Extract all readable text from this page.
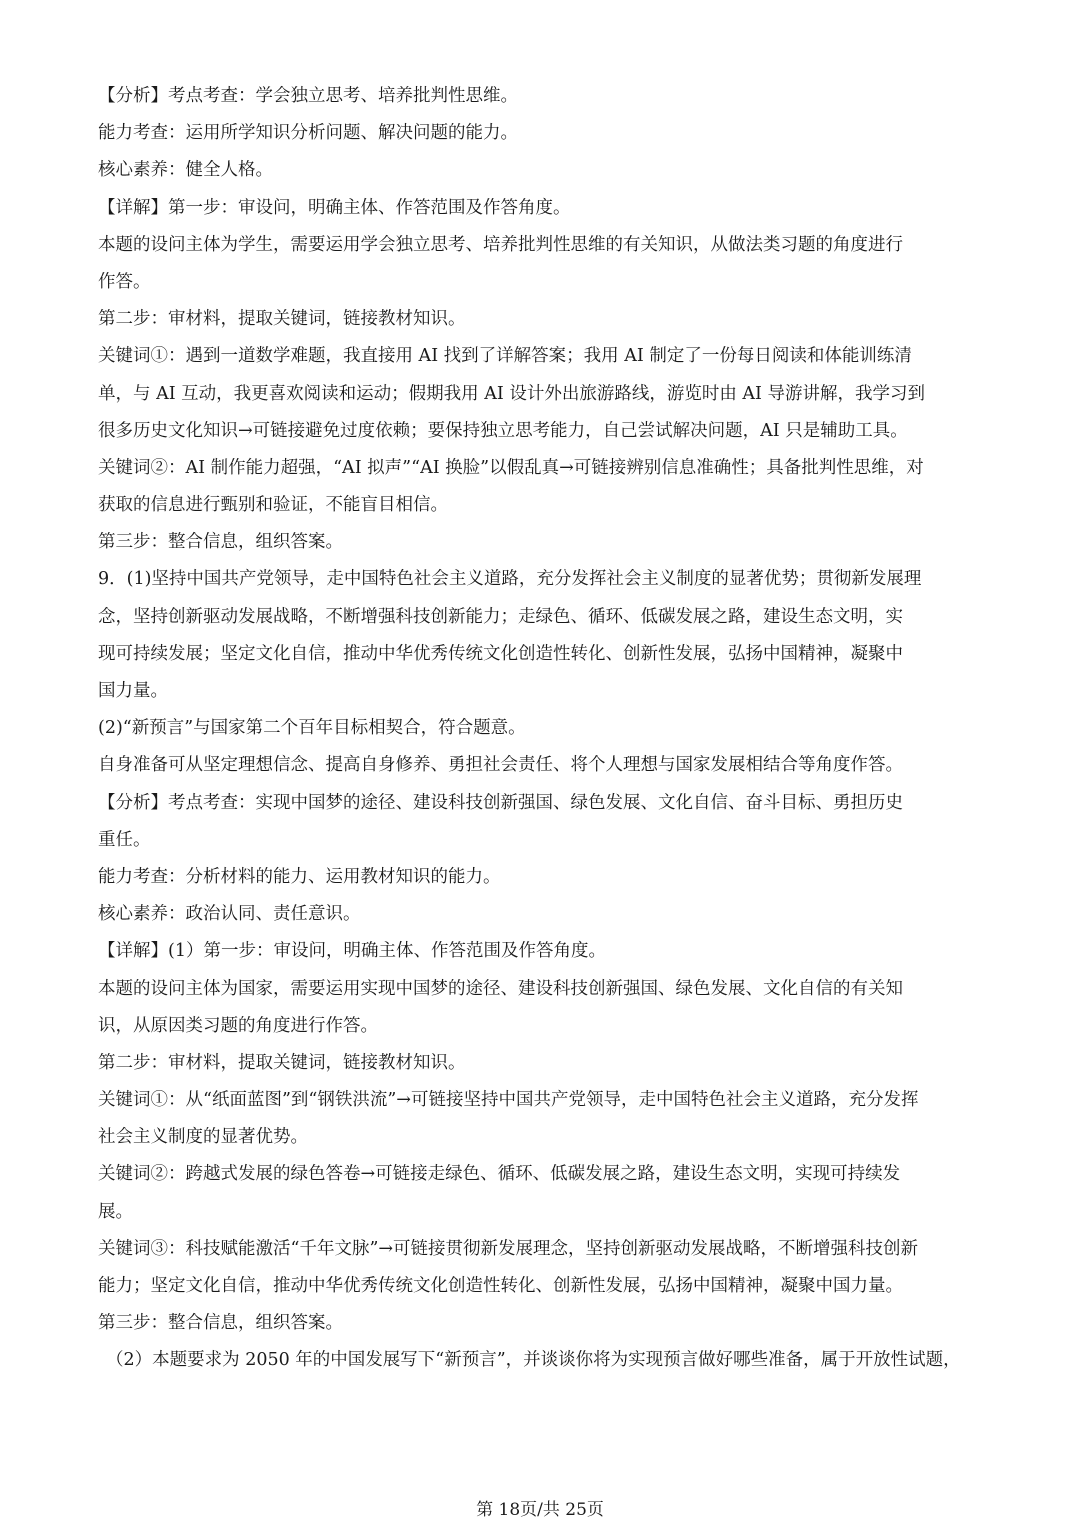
【分析】考点考查：学会独立思考、培养批判性思维。
能力考查：运用所学知识分析问题、解决问题的能力。
核心素养：健全人格。
【详解】第一步：审设问，明确主体、作答范围及作答角度。
本题的设问主体为学生，需要运用学会独立思考、培养批判性思维的有关知识，从做法类习题的角度进行
作答。
第二步：审材料，提取关键词，链接教材知识。
关键词①：遇到一道数学难题，我直接用 AI 找到了详解答案；我用 AI 制定了一份每日阅读和体能训练清
单，与 AI 互动，我更喜欢阅读和运动；假期我用 AI 设计外出旅游路线，游览时由 AI 导游讲解，我学习到
很多历史文化知识→可链接避免过度依赖；要保持独立思考能力，自己尝试解决问题，AI 只是辅助工具。
关键词②：AI 制作能力超强，“AI 拟声”“AI 换脸”以假乱真→可链接辨别信息准确性；具备批判性思维，对
获取的信息进行甄别和验证，不能盲目相信。
第三步：整合信息，组织答案。
9．(1)坚持中国共产党领导，走中国特色社会主义道路，充分发挥社会主义制度的显著优势；贯彻新发展理
念，坚持创新驱动发展战略，不断增强科技创新能力；走绿色、循环、低碳发展之路，建设生态文明，实
现可持续发展；坚定文化自信，推动中华优秀传统文化创造性转化、创新性发展，弘扬中国精神，凝聚中
国力量。
(2)“新预言”与国家第二个百年目标相契合，符合题意。
自身准备可从坚定理想信念、提高自身修养、勇担社会责任、将个人理想与国家发展相结合等角度作答。
【分析】考点考查：实现中国梦的途径、建设科技创新强国、绿色发展、文化自信、奋斗目标、勇担历史
重任。
能力考查：分析材料的能力、运用教材知识的能力。
核心素养：政治认同、责任意识。
【详解】(1）第一步：审设问，明确主体、作答范围及作答角度。
本题的设问主体为国家，需要运用实现中国梦的途径、建设科技创新强国、绿色发展、文化自信的有关知
识，从原因类习题的角度进行作答。
第二步：审材料，提取关键词，链接教材知识。
关键词①：从“纸面蓝图”到“钢铁洪流”→可链接坚持中国共产党领导，走中国特色社会主义道路，充分发挥
社会主义制度的显著优势。
关键词②：跨越式发展的绿色答卷→可链接走绿色、循环、低碳发展之路，建设生态文明，实现可持续发
展。
关键词③：科技赋能激活“千年文脉”→可链接贯彻新发展理念，坚持创新驱动发展战略，不断增强科技创新
能力；坚定文化自信，推动中华优秀传统文化创造性转化、创新性发展，弘扬中国精神，凝聚中国力量。
第三步：整合信息，组织答案。
（2）本题要求为 2050 年的中国发展写下“新预言”，并谈谈你将为实现预言做好哪些准备，属于开放性试题，
第 18页/共 25页
